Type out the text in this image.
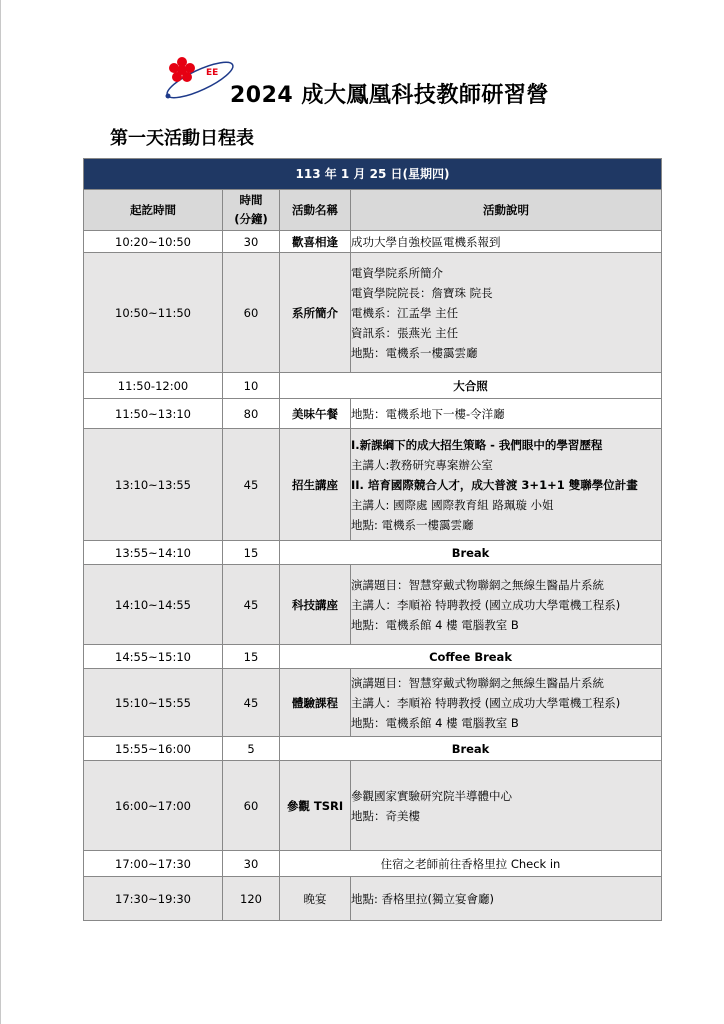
EE
2024 成大鳳凰科技教師研習營
第一天活動日程表
113 年 1 月 25 日(星期四)			
起訖時間	時間
(分鐘)	活動名稱	活動說明
10:20~10:50	30	歡喜相逢	成功大學自強校區電機系報到

10:50~11:50	60	系所簡介	電資學院系所簡介
電資學院院長：詹寶珠 院長
電機系：江孟學 主任
資訊系：張燕光 主任
地點：電機系一樓靄雲廳

11:50-12:00	10	大合照	
11:50~13:10	80	美味午餐	地點：電機系地下一樓-令洋廳

13:10~13:55	45	招生講座	I.新課綱下的成大招生策略 - 我們眼中的學習歷程
主講人:教務研究專案辦公室
II. 培育國際競合人才，成大普渡 3+1+1 雙聯學位計畫
主講人: 國際處 國際教育組 路珮璇 小姐
地點: 電機系一樓靄雲廳

13:55~14:10	15	Break	
14:10~14:55	45	科技講座	演講題目：智慧穿戴式物聯網之無線生醫晶片系統
主講人：李順裕 特聘教授 (國立成功大學電機工程系)
地點：電機系館 4 樓 電腦教室 B

14:55~15:10	15	Coffee Break	
15:10~15:55	45	體驗課程	演講題目：智慧穿戴式物聯網之無線生醫晶片系統
主講人：李順裕 特聘教授 (國立成功大學電機工程系)
地點：電機系館 4 樓 電腦教室 B

15:55~16:00	5	Break	
16:00~17:00	60	參觀 TSRI	參觀國家實驗研究院半導體中心
地點：奇美樓

17:00~17:30	30	住宿之老師前往香格里拉 Check in	
17:30~19:30	120	晚宴	地點: 香格里拉(獨立宴會廳)
